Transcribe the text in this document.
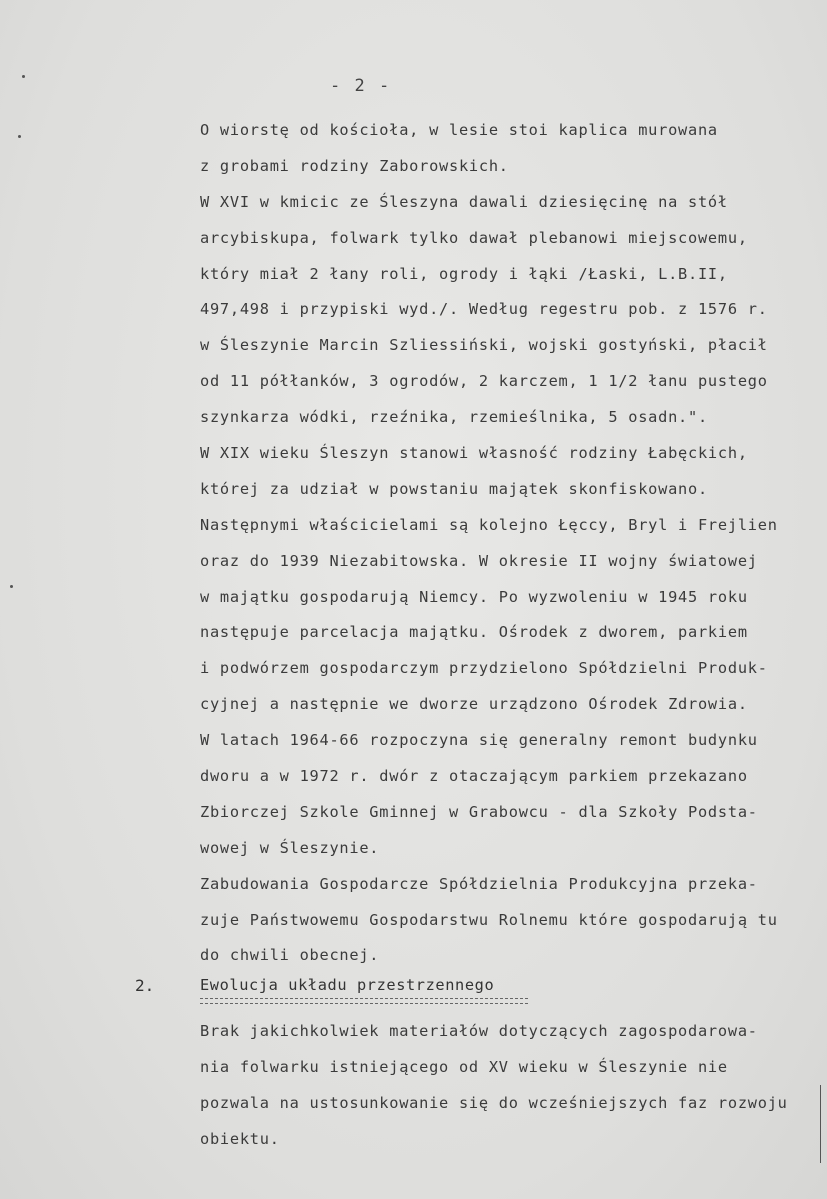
- 2 -
O wiorstę od kościoła, w lesie stoi kaplica murowana
z grobami rodziny Zaborowskich.
W XVI w kmicic ze Śleszyna dawali dziesięcinę na stół
arcybiskupa, folwark tylko dawał plebanowi miejscowemu,
który miał 2 łany roli, ogrody i łąki /Łaski, L.B.II,
497,498 i przypiski wyd./. Według regestru pob. z 1576 r.
w Śleszynie Marcin Szliessiński, wojski gostyński, płacił
od 11 półłanków, 3 ogrodów, 2 karczem, 1 1/2 łanu pustego
szynkarza wódki, rzeźnika, rzemieślnika, 5 osadn.".
W XIX wieku Śleszyn stanowi własność rodziny Łabęckich,
której za udział w powstaniu majątek skonfiskowano.
Następnymi właścicielami są kolejno Łęccy, Bryl i Frejlien
oraz do 1939 Niezabitowska. W okresie II wojny światowej
w majątku gospodarują Niemcy. Po wyzwoleniu w 1945 roku
następuje parcelacja majątku. Ośrodek z dworem, parkiem
i podwórzem gospodarczym przydzielono Spółdzielni Produk-
cyjnej a następnie we dworze urządzono Ośrodek Zdrowia.
W latach 1964-66 rozpoczyna się generalny remont budynku
dworu a w 1972 r. dwór z otaczającym parkiem przekazano
Zbiorczej Szkole Gminnej w Grabowcu - dla Szkoły Podsta-
wowej w Śleszynie.
Zabudowania Gospodarcze Spółdzielnia Produkcyjna przeka-
zuje Państwowemu Gospodarstwu Rolnemu które gospodarują tu
do chwili obecnej.
2.	Ewolucja układu przestrzennego
Brak jakichkolwiek materiałów dotyczących zagospodarowa-
nia folwarku istniejącego od XV wieku w Śleszynie nie
pozwala na ustosunkowanie się do wcześniejszych faz rozwoju
obiektu.
